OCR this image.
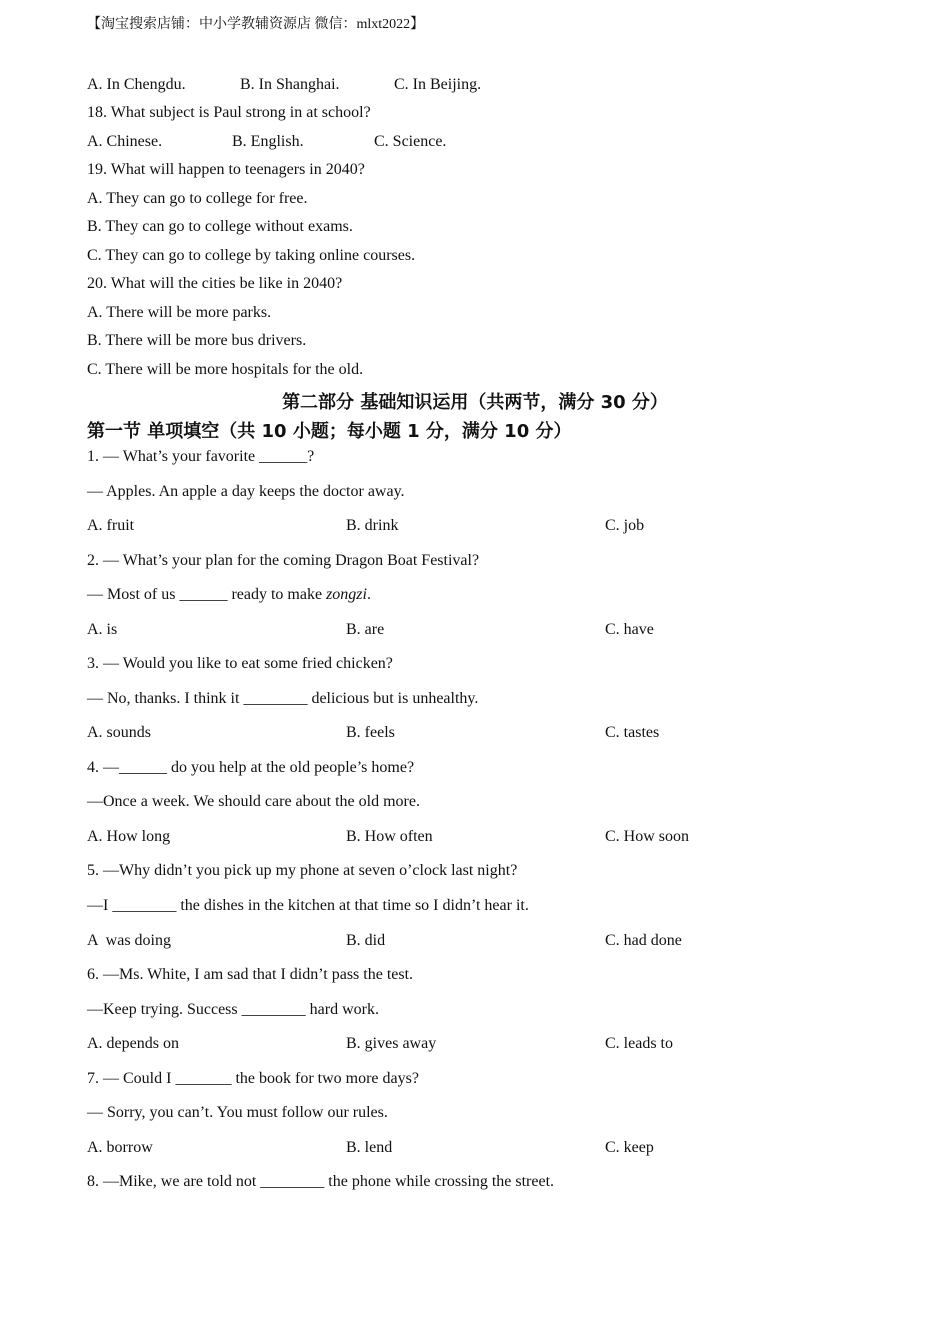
【淘宝搜索店铺：中小学教辅资源店 微信：mlxt2022】
A. In Chengdu.	B. In Shanghai.	C. In Beijing.
18. What subject is Paul strong in at school?
A. Chinese.	B. English.	C. Science.
19. What will happen to teenagers in 2040?
A. They can go to college for free.
B. They can go to college without exams.
C. They can go to college by taking online courses.
20. What will the cities be like in 2040?
A. There will be more parks.
B. There will be more bus drivers.
C. There will be more hospitals for the old.
第二部分 基础知识运用（共两节，满分 30 分）
第一节 单项填空（共 10 小题；每小题 1 分，满分 10 分）
1. — What’s your favorite ______?
— Apples. An apple a day keeps the doctor away.
A. fruit	B. drink	C. job
2. — What’s your plan for the coming Dragon Boat Festival?
— Most of us ______ ready to make zongzi.
A. is	B. are	C. have
3. — Would you like to eat some fried chicken?
— No, thanks. I think it ________ delicious but is unhealthy.
A. sounds	B. feels	C. tastes
4. —______ do you help at the old people’s home?
—Once a week. We should care about the old more.
A. How long	B. How often	C. How soon
5. —Why didn’t you pick up my phone at seven o’clock last night?
—I ________ the dishes in the kitchen at that time so I didn’t hear it.
A  was doing	B. did	C. had done
6. —Ms. White, I am sad that I didn’t pass the test.
—Keep trying. Success ________ hard work.
A. depends on	B. gives away	C. leads to
7. — Could I _______ the book for two more days?
— Sorry, you can’t. You must follow our rules.
A. borrow	B. lend	C. keep
8. —Mike, we are told not ________ the phone while crossing the street.
